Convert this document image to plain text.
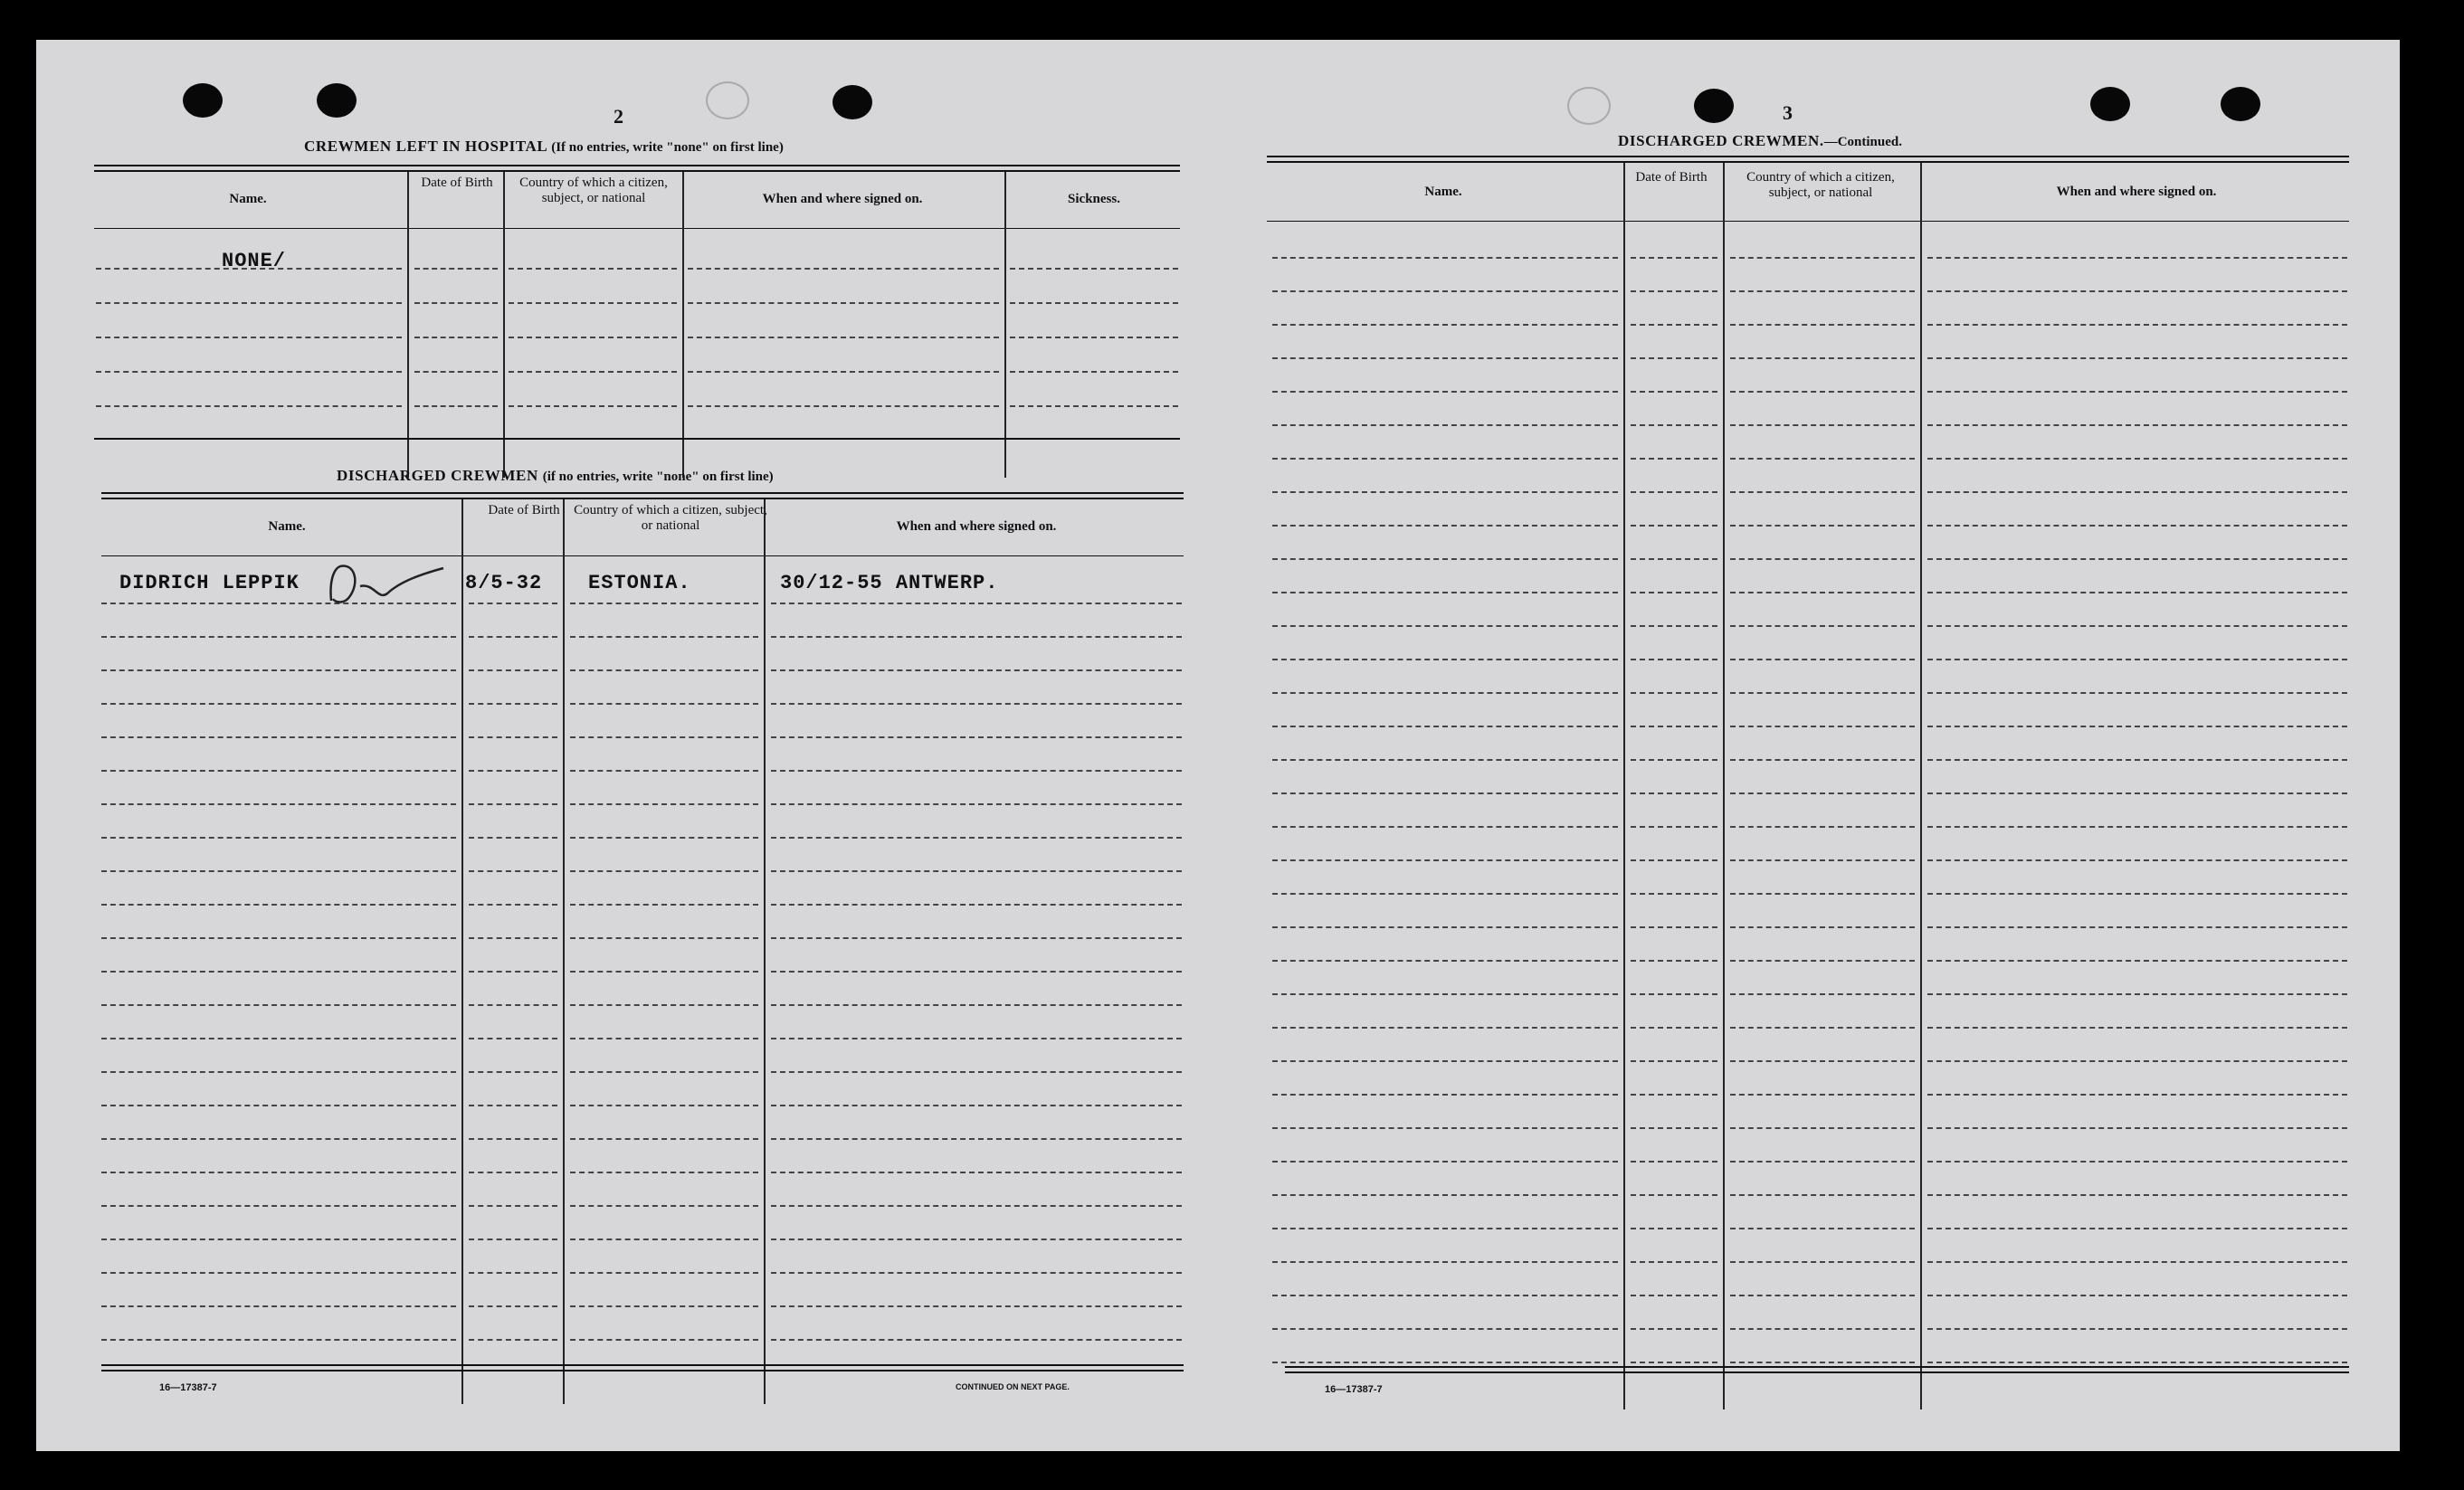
2
CREWMEN LEFT IN HOSPITAL (If no entries, write "none" on first line)
Name.
Date of Birth	Country of which a citizen, subject, or national	When and where signed on.	Sickness.
NONE/
DISCHARGED CREWMEN (if no entries, write "none" on first line)
Name.
Date of Birth	Country of which a citizen, subject, or national	When and where signed on.
DIDRICH LEPPIK	8/5-32 ESTONIA.	30/12-55 ANTWERP.
16—17387-7	CONTINUED ON NEXT PAGE.
3
DISCHARGED CREWMEN.—Continued.
Name.
Date of Birth	Country of which a citizen, subject, or national	When and where signed on.
16—17387-7
